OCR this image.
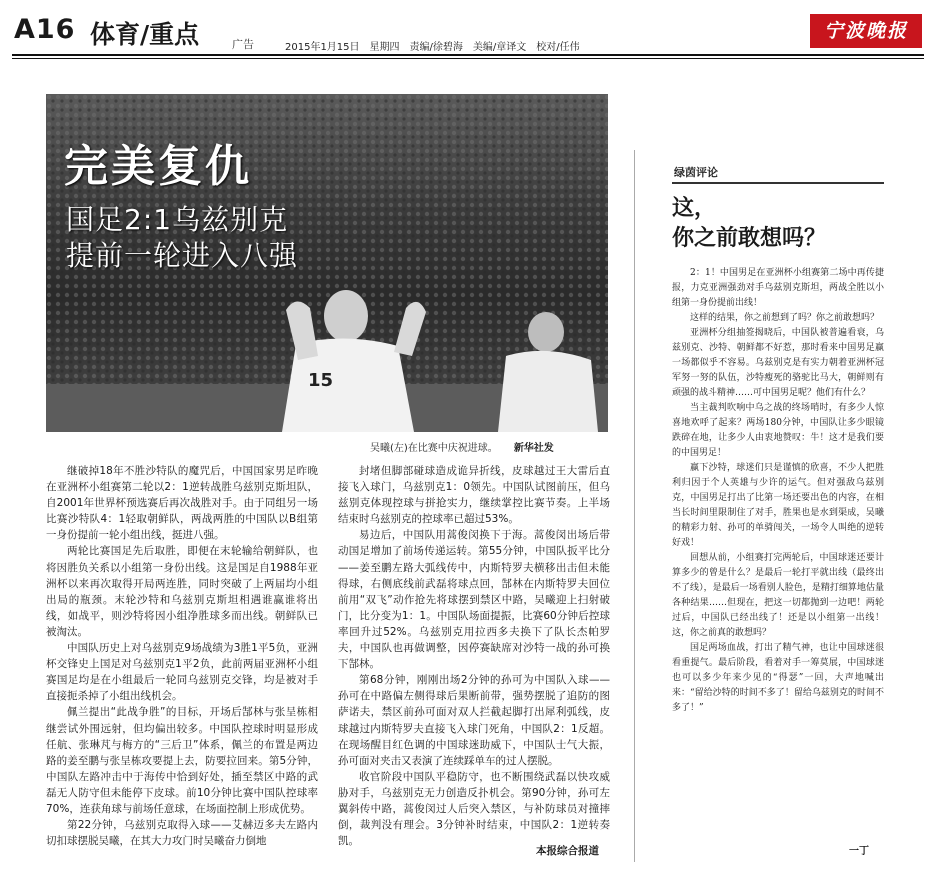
A16 体育/重点	广告	2015年1月15日　星期四　责编/徐碧海　美编/章译文　校对/任伟
宁波晚报
15
完美复仇
国足2:1乌兹别克
提前一轮进入八强
吴曦(左)在比赛中庆祝进球。 新华社发

继破掉18年不胜沙特队的魔咒后，中国国家男足昨晚在亚洲杯小组赛第二轮以2：1逆转战胜乌兹别克斯坦队，自2001年世界杯预选赛后再次战胜对手。由于同组另一场比赛沙特队4：1轻取朝鲜队，两战两胜的中国队以B组第一身份提前一轮小组出线，挺进八强。

两轮比赛国足先后取胜，即便在末轮输给朝鲜队，也将因胜负关系以小组第一身份出线。这是国足自1988年亚洲杯以来再次取得开局两连胜，同时突破了上两届均小组出局的瓶颈。末轮沙特和乌兹别克斯坦相遇谁赢谁将出线，如战平，则沙特将因小组净胜球多而出线。朝鲜队已被淘汰。

中国队历史上对乌兹别克9场战绩为3胜1平5负，亚洲杯交锋史上国足对乌兹别克1平2负，此前两届亚洲杯小组赛国足均是在小组最后一轮同乌兹别克交锋，均是被对手直接扼杀掉了小组出线机会。

佩兰提出“此战争胜”的目标，开场后郜林与张呈栋相继尝试外围远射，但均偏出较多。中国队控球时明显形成任航、张琳芃与梅方的“三后卫”体系，佩兰的布置是两边路的姜至鹏与张呈栋攻要提上去，防要拉回来。第5分钟，中国队左路冲击中于海传中恰到好处，插至禁区中路的武磊无人防守但未能停下皮球。前10分钟比赛中国队控球率70%，连获角球与前场任意球，在场面控制上形成优势。

第22分钟，乌兹别克取得入球——艾赫迈多夫左路内切扣球摆脱吴曦，在其大力攻门时吴曦奋力倒地

封堵但脚部碰球造成诡异折线，皮球越过王大雷后直接飞入球门，乌兹别克1：0领先。中国队试图前压，但乌兹别克体现控球与拼抢实力，继续掌控比赛节奏。上半场结束时乌兹别克的控球率已超过53%。

易边后，中国队用蒿俊闵换下于海。蒿俊闵出场后带动国足增加了前场传递运转。第55分钟，中国队扳平比分——姜至鹏左路大弧线传中，内斯特罗夫横移出击但未能得球，右侧底线前武磊将球点回，郜林在内斯特罗夫回位前用“双飞”动作抢先将球摆到禁区中路，吴曦迎上扫射破门，比分变为1：1。中国队场面提振，比赛60分钟后控球率回升过52%。乌兹别克用拉西多夫换下了队长杰帕罗夫，中国队也再做调整，因停赛缺席对沙特一战的孙可换下郜林。

第68分钟，刚刚出场2分钟的孙可为中国队入球——孙可在中路偏左侧得球后果断前带，强势摆脱了追防的图萨诺夫，禁区前孙可面对双人拦截起脚打出犀利弧线，皮球越过内斯特罗夫直接飞入球门死角，中国队2：1反超。在现场醒目红色调的中国球迷助威下，中国队士气大振，孙可面对夹击又表演了连续踩单车的过人摆脱。

收官阶段中国队平稳防守，也不断围绕武磊以快攻威胁对手，乌兹别克无力创造反扑机会。第90分钟，孙可左翼斜传中路，蒿俊闵过人后突入禁区，与补防球员对撞摔倒，裁判没有理会。3分钟补时结束，中国队2：1逆转奏凯。

本报综合报道
绿茵评论
这，
你之前敢想吗？

2：1！中国男足在亚洲杯小组赛第二场中再传捷报，力克亚洲强劲对手乌兹别克斯坦，两战全胜以小组第一身份提前出线！

这样的结果，你之前想到了吗？你之前敢想吗？

亚洲杯分组抽签揭晓后，中国队被普遍看衰，乌兹别克、沙特、朝鲜都不好惹，那时看来中国男足赢一场都似乎不容易。乌兹别克是有实力朝着亚洲杯冠军努一努的队伍，沙特瘦死的骆驼比马大，朝鲜则有顽强的战斗精神……可中国男足呢？他们有什么？

当主裁判吹响中乌之战的终场哨时，有多少人惊喜地欢呼了起来？两场180分钟，中国队让多少眼镜跌碎在地，让多少人由衷地赞叹：牛！这才是我们要的中国男足！

赢下沙特，球迷们只是谨慎的欣喜，不少人把胜利归因于个人英雄与少许的运气。但对强敌乌兹别克，中国男足打出了比第一场还要出色的内容，在相当长时间里限制住了对手，胜果也是水到渠成，吴曦的精彩力射、孙可的单骑闯关，一场令人叫绝的逆转好戏！

回想从前，小组赛打完两轮后，中国球迷还要计算多少的曾是什么？是最后一轮打平就出线（最终出不了线），是最后一场看别人脸色，是精打细算地估量各种结果……但现在，把这一切都抛到一边吧！两轮过后，中国队已经出线了！还是以小组第一出线！这，你之前真的敢想吗？

国足两场血战，打出了精气神，也让中国球迷很看重提气。最后阶段，看着对手一筹莫展，中国球迷也可以多少年来少见的“得瑟”一回，大声地喊出来：“留给沙特的时间不多了！留给乌兹别克的时间不多了！”

一丁
